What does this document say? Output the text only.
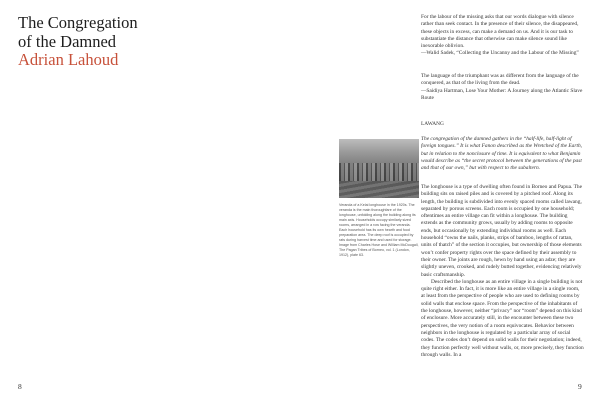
The Congregation
of the Damned
Adrian Lahoud
8
Veranda of a Kelai longhouse in the 1920s. The veranda is the main thoroughfare of the longhouse, unfolding along the building along its main axis. Households occupy similarly sized rooms, arranged in a row facing the veranda. Each household has its own hearth and food preparation area. The deep roof is occupied by rats during harvest time and used for storage. Image from Charles Hose and William McDougall, The Pagan Tribes of Borneo, vol. 1 (London, 1912), plate 63.

For the labour of the missing asks that our words dialogue with silence rather than seek contact. In the presence of their silence, the disappeared, these objects in excess, can make a demand on us. And it is our task to substantiate the distance that otherwise can make silence sound like inexorable oblivion.

—Walid Sadek, “Collecting the Uncanny and the Labour of the Missing”

The language of the triumphant was as different from the language of the conquered, as that of the living from the dead.

—Saidiya Hartman, Lose Your Mother: A Journey along the Atlantic Slave Route

LAWANG

The congregation of the damned gathers in the “half-life, half-light of foreign tongues.” It is what Fanon described as the Wretched of the Earth, but in relation to the nonclosure of time. It is equivalent to what Benjamin would describe as “the secret protocol between the generations of the past and that of our own,” but with respect to the subaltern.

The longhouse is a type of dwelling often found in Borneo and Papua. The building sits on raised piles and is covered by a pitched roof. Along its length, the building is subdivided into evenly spaced rooms called lawang, separated by porous screens. Each room is occupied by one household; oftentimes an entire village can fit within a longhouse. The building extends as the community grows, usually by adding rooms to opposite ends, but occasionally by extending individual rooms as well. Each household “owns the nails, planks, strips of bamboo, lengths of rattan, units of thatch” of the section it occupies, but ownership of those elements won’t confer property rights over the space defined by their assembly to their owner. The joints are rough, hewn by hand using an adze; they are slightly uneven, crooked, and rudely butted together, evidencing relatively basic craftsmanship.

Described the longhouse as an entire village in a single building is not quite right either. In fact, it is more like an entire village in a single room, at least from the perspective of people who are used to defining rooms by solid walls that enclose space. From the perspective of the inhabitants of the longhouse, however, neither “privacy” nor “room” depend on this kind of enclosure. More accurately still, in the encounter between these two perspectives, the very notion of a room equivocates. Behavior between neighbors in the longhouse is regulated by a particular array of social codes. The codes don’t depend on solid walls for their negotiation; indeed, they function perfectly well without walls, or, more precisely, they function through walls. In a

9
